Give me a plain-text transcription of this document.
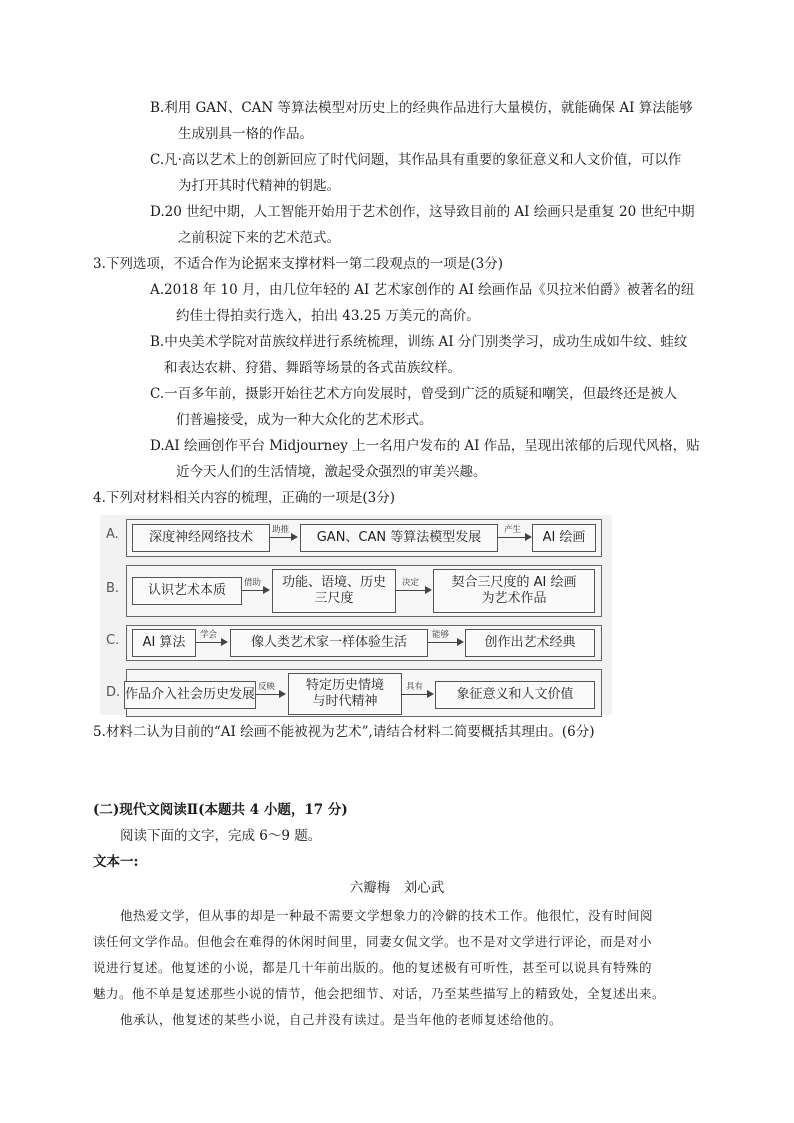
B.利用 GAN、CAN 等算法模型对历史上的经典作品进行大量模仿，就能确保 AI 算法能够
生成别具一格的作品。
C.凡·高以艺术上的创新回应了时代问题，其作品具有重要的象征意义和人文价值，可以作
为打开其时代精神的钥匙。
D.20 世纪中期，人工智能开始用于艺术创作，这导致目前的 AI 绘画只是重复 20 世纪中期
之前积淀下来的艺术范式。
3.下列选项，不适合作为论据来支撑材料一第二段观点的一项是(3分)
A.2018 年 10 月，由几位年轻的 AI 艺术家创作的 AI 绘画作品《贝拉米伯爵》被著名的纽
约佳士得拍卖行选入，拍出 43.25 万美元的高价。
B.中央美术学院对苗族纹样进行系统梳理，训练 AI 分门别类学习，成功生成如牛纹、蛙纹
和表达农耕、狩猎、舞蹈等场景的各式苗族纹样。
C.一百多年前，摄影开始往艺术方向发展时，曾受到广泛的质疑和嘲笑，但最终还是被人
们普遍接受，成为一种大众化的艺术形式。
D.AI 绘画创作平台 Midjourney 上一名用户发布的 AI 作品，呈现出浓郁的后现代风格，贴
近今天人们的生活情境，激起受众强烈的审美兴趣。
4.下列对材料相关内容的梳理，正确的一项是(3分)
A.	深度神经网络技术	助推	GAN、CAN 等算法模型发展	产生	AI 绘画
B.	认识艺术本质	借助	功能、语境、历史
三尺度
决定	契合三尺度的 AI 绘画
为艺术作品
C.	AI 算法	学会	像人类艺术家一样体验生活	能够	创作出艺术经典
D. 作品介入社会历史发展 反映	特定历史情境
与时代精神
具有	象征意义和人文价值
5.材料二认为目前的“AI 绘画不能被视为艺术”,请结合材料二简要概括其理由。(6分)
(二)现代文阅读Ⅱ(本题共 4 小题，17 分)
阅读下面的文字，完成 6～9 题。
文本一:
六瓣梅　刘心武
他热爱文学，但从事的却是一种最不需要文学想象力的冷僻的技术工作。他很忙，没有时间阅
读任何文学作品。但他会在难得的休闲时间里，同妻女侃文学。也不是对文学进行评论，而是对小
说进行复述。他复述的小说，都是几十年前出版的。他的复述极有可听性，甚至可以说具有特殊的
魅力。他不单是复述那些小说的情节，他会把细节、对话，乃至某些描写上的精致处，全复述出来。
他承认，他复述的某些小说，自己并没有读过。是当年他的老师复述给他的。
